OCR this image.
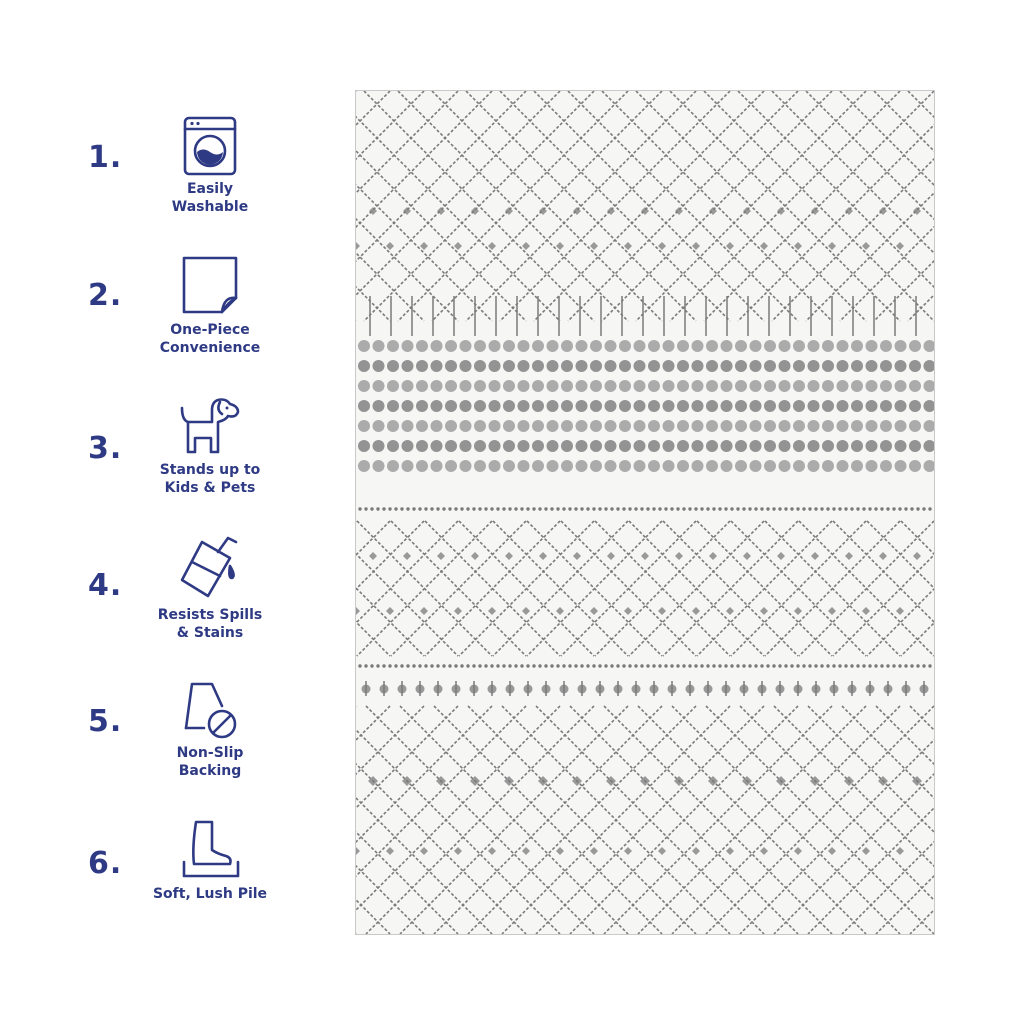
1.
Easily
Washable
2.
One-Piece
Convenience
3.
Stands up to
Kids & Pets
4.
Resists Spills
& Stains
5.
Non-Slip
Backing
6.
Soft, Lush Pile
